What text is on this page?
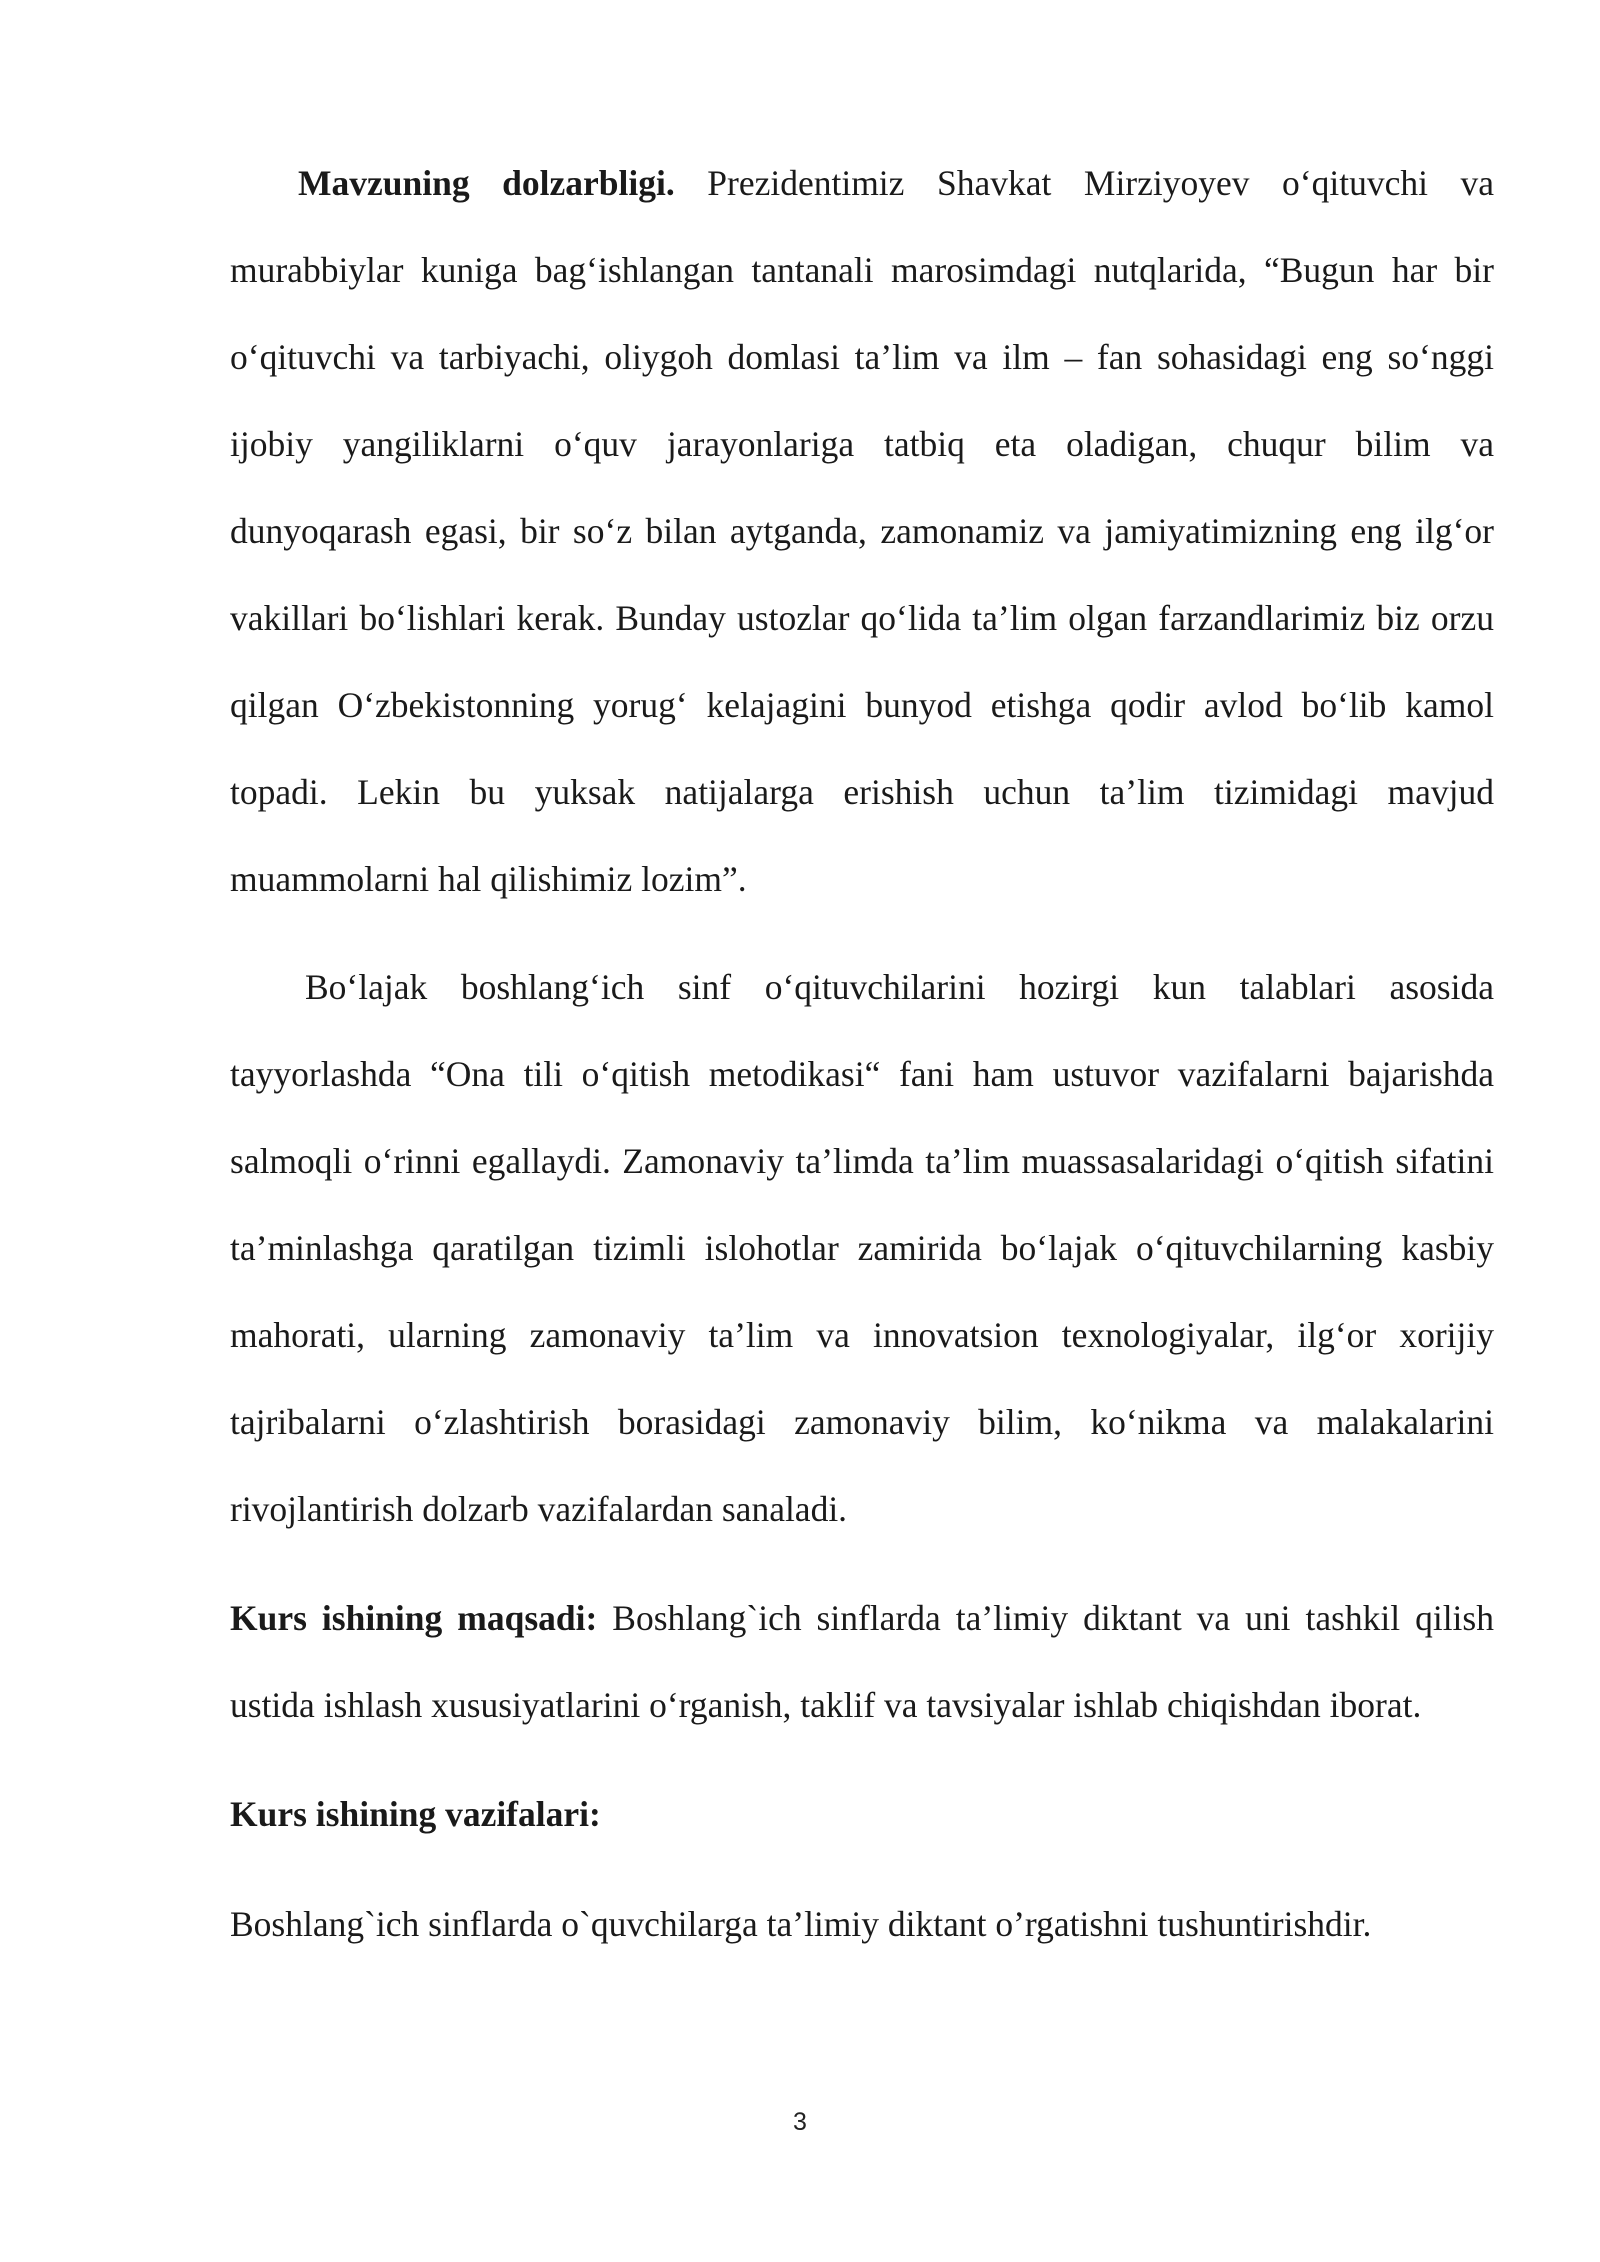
Mavzuning dolzarbligi. Prezidentimiz Shavkat Mirziyoyev o‘qituvchi va murabbiylar kuniga bag‘ishlangan tantanali marosimdagi nutqlarida, “Bugun har bir o‘qituvchi va tarbiyachi, oliygoh domlasi ta’lim va ilm – fan sohasidagi eng so‘nggi ijobiy yangiliklarni o‘quv jarayonlariga tatbiq eta oladigan, chuqur bilim va dunyoqarash egasi, bir so‘z bilan aytganda, zamonamiz va jamiyatimizning eng ilg‘or vakillari bo‘lishlari kerak. Bunday ustozlar qo‘lida ta’lim olgan farzandlarimiz biz orzu qilgan O‘zbekistonning yorug‘ kelajagini bunyod etishga qodir avlod bo‘lib kamol topadi. Lekin bu yuksak natijalarga erishish uchun ta’lim tizimidagi mavjud muammolarni hal qilishimiz lozim”.

Bo‘lajak boshlang‘ich sinf o‘qituvchilarini hozirgi kun talablari asosida tayyorlashda “Ona tili o‘qitish metodikasi“ fani ham ustuvor vazifalarni bajarishda salmoqli o‘rinni egallaydi. Zamonaviy ta’limda ta’lim muassasalaridagi o‘qitish sifatini ta’minlashga qaratilgan tizimli islohotlar zamirida bo‘lajak o‘qituvchilarning kasbiy mahorati, ularning zamonaviy ta’lim va innovatsion texnologiyalar, ilg‘or xorijiy tajribalarni o‘zlashtirish borasidagi zamonaviy bilim, ko‘nikma va malakalarini rivojlantirish dolzarb vazifalardan sanaladi.

Kurs ishining maqsadi: Boshlang`ich sinflarda ta’limiy diktant va uni tashkil qilish ustida ishlash xususiyatlarini o‘rganish, taklif va tavsiyalar ishlab chiqishdan iborat.

Kurs ishining vazifalari:

Boshlang`ich sinflarda o`quvchilarga ta’limiy diktant o’rgatishni tushuntirishdir.

3
